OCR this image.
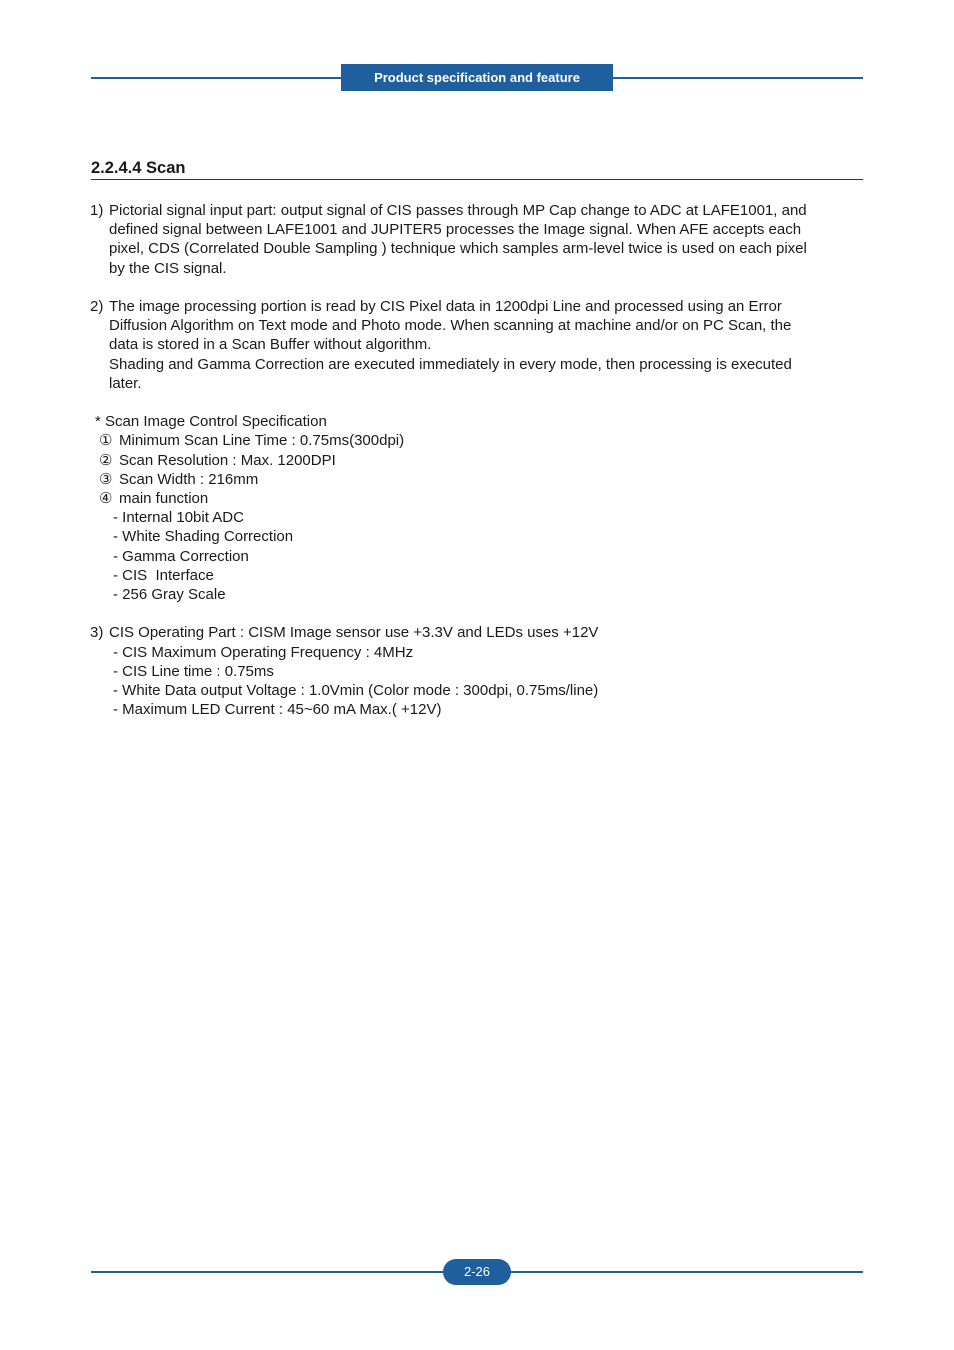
Product specification and feature
2.2.4.4 Scan
1) Pictorial signal input part: output signal of CIS passes through MP Cap change to ADC at LAFE1001, and
defined signal between LAFE1001 and JUPITER5 processes the Image signal. When AFE accepts each
pixel, CDS (Correlated Double Sampling ) technique which samples arm-level twice is used on each pixel
by the CIS signal.
2) The image processing portion is read by CIS Pixel data in 1200dpi Line and processed using an Error
Diffusion Algorithm on Text mode and Photo mode. When scanning at machine and/or on PC Scan, the
data is stored in a Scan Buffer without algorithm.
Shading and Gamma Correction are executed immediately in every mode, then processing is executed
later.
* Scan Image Control Specification
① Minimum Scan Line Time : 0.75ms(300dpi)
② Scan Resolution : Max. 1200DPI
③ Scan Width : 216mm
④ main function
- Internal 10bit ADC
- White Shading Correction
- Gamma Correction
- CIS  Interface
- 256 Gray Scale
3) CIS Operating Part : CISM Image sensor use +3.3V and LEDs uses +12V
- CIS Maximum Operating Frequency : 4MHz
- CIS Line time : 0.75ms
- White Data output Voltage : 1.0Vmin (Color mode : 300dpi, 0.75ms/line)
- Maximum LED Current : 45~60 mA Max.( +12V)
2-26
